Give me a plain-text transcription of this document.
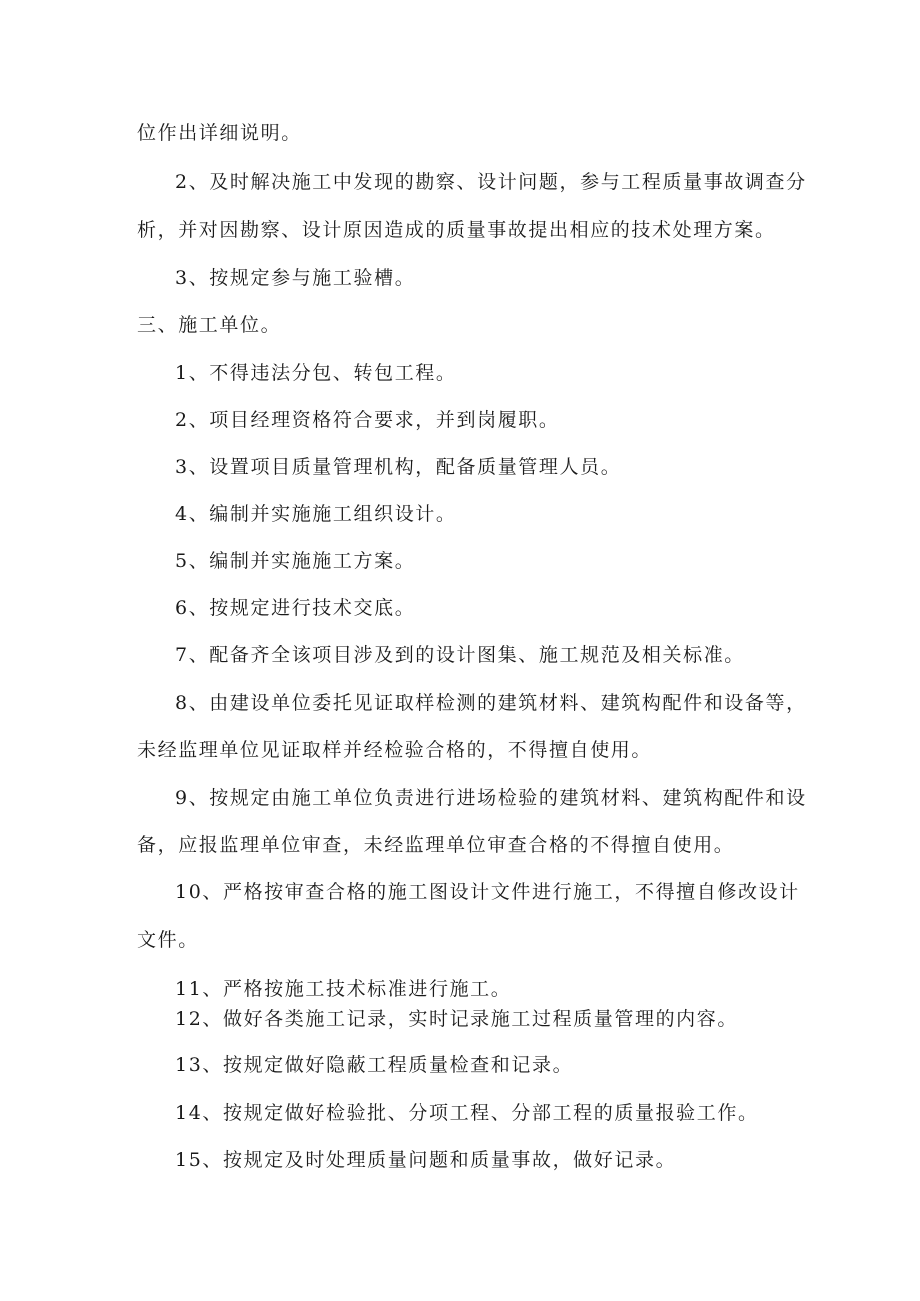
位作出详细说明。
2、及时解决施工中发现的勘察、设计问题，参与工程质量事故调查分
析，并对因勘察、设计原因造成的质量事故提出相应的技术处理方案。
3、按规定参与施工验槽。
三、施工单位。
1、不得违法分包、转包工程。
2、项目经理资格符合要求，并到岗履职。
3、设置项目质量管理机构，配备质量管理人员。
4、编制并实施施工组织设计。
5、编制并实施施工方案。
6、按规定进行技术交底。
7、配备齐全该项目涉及到的设计图集、施工规范及相关标准。
8、由建设单位委托见证取样检测的建筑材料、建筑构配件和设备等，
未经监理单位见证取样并经检验合格的，不得擅自使用。
9、按规定由施工单位负责进行进场检验的建筑材料、建筑构配件和设
备，应报监理单位审查，未经监理单位审查合格的不得擅自使用。
10、严格按审查合格的施工图设计文件进行施工，不得擅自修改设计
文件。
11、严格按施工技术标准进行施工。
12、做好各类施工记录，实时记录施工过程质量管理的内容。
13、按规定做好隐蔽工程质量检查和记录。
14、按规定做好检验批、分项工程、分部工程的质量报验工作。
15、按规定及时处理质量问题和质量事故，做好记录。
